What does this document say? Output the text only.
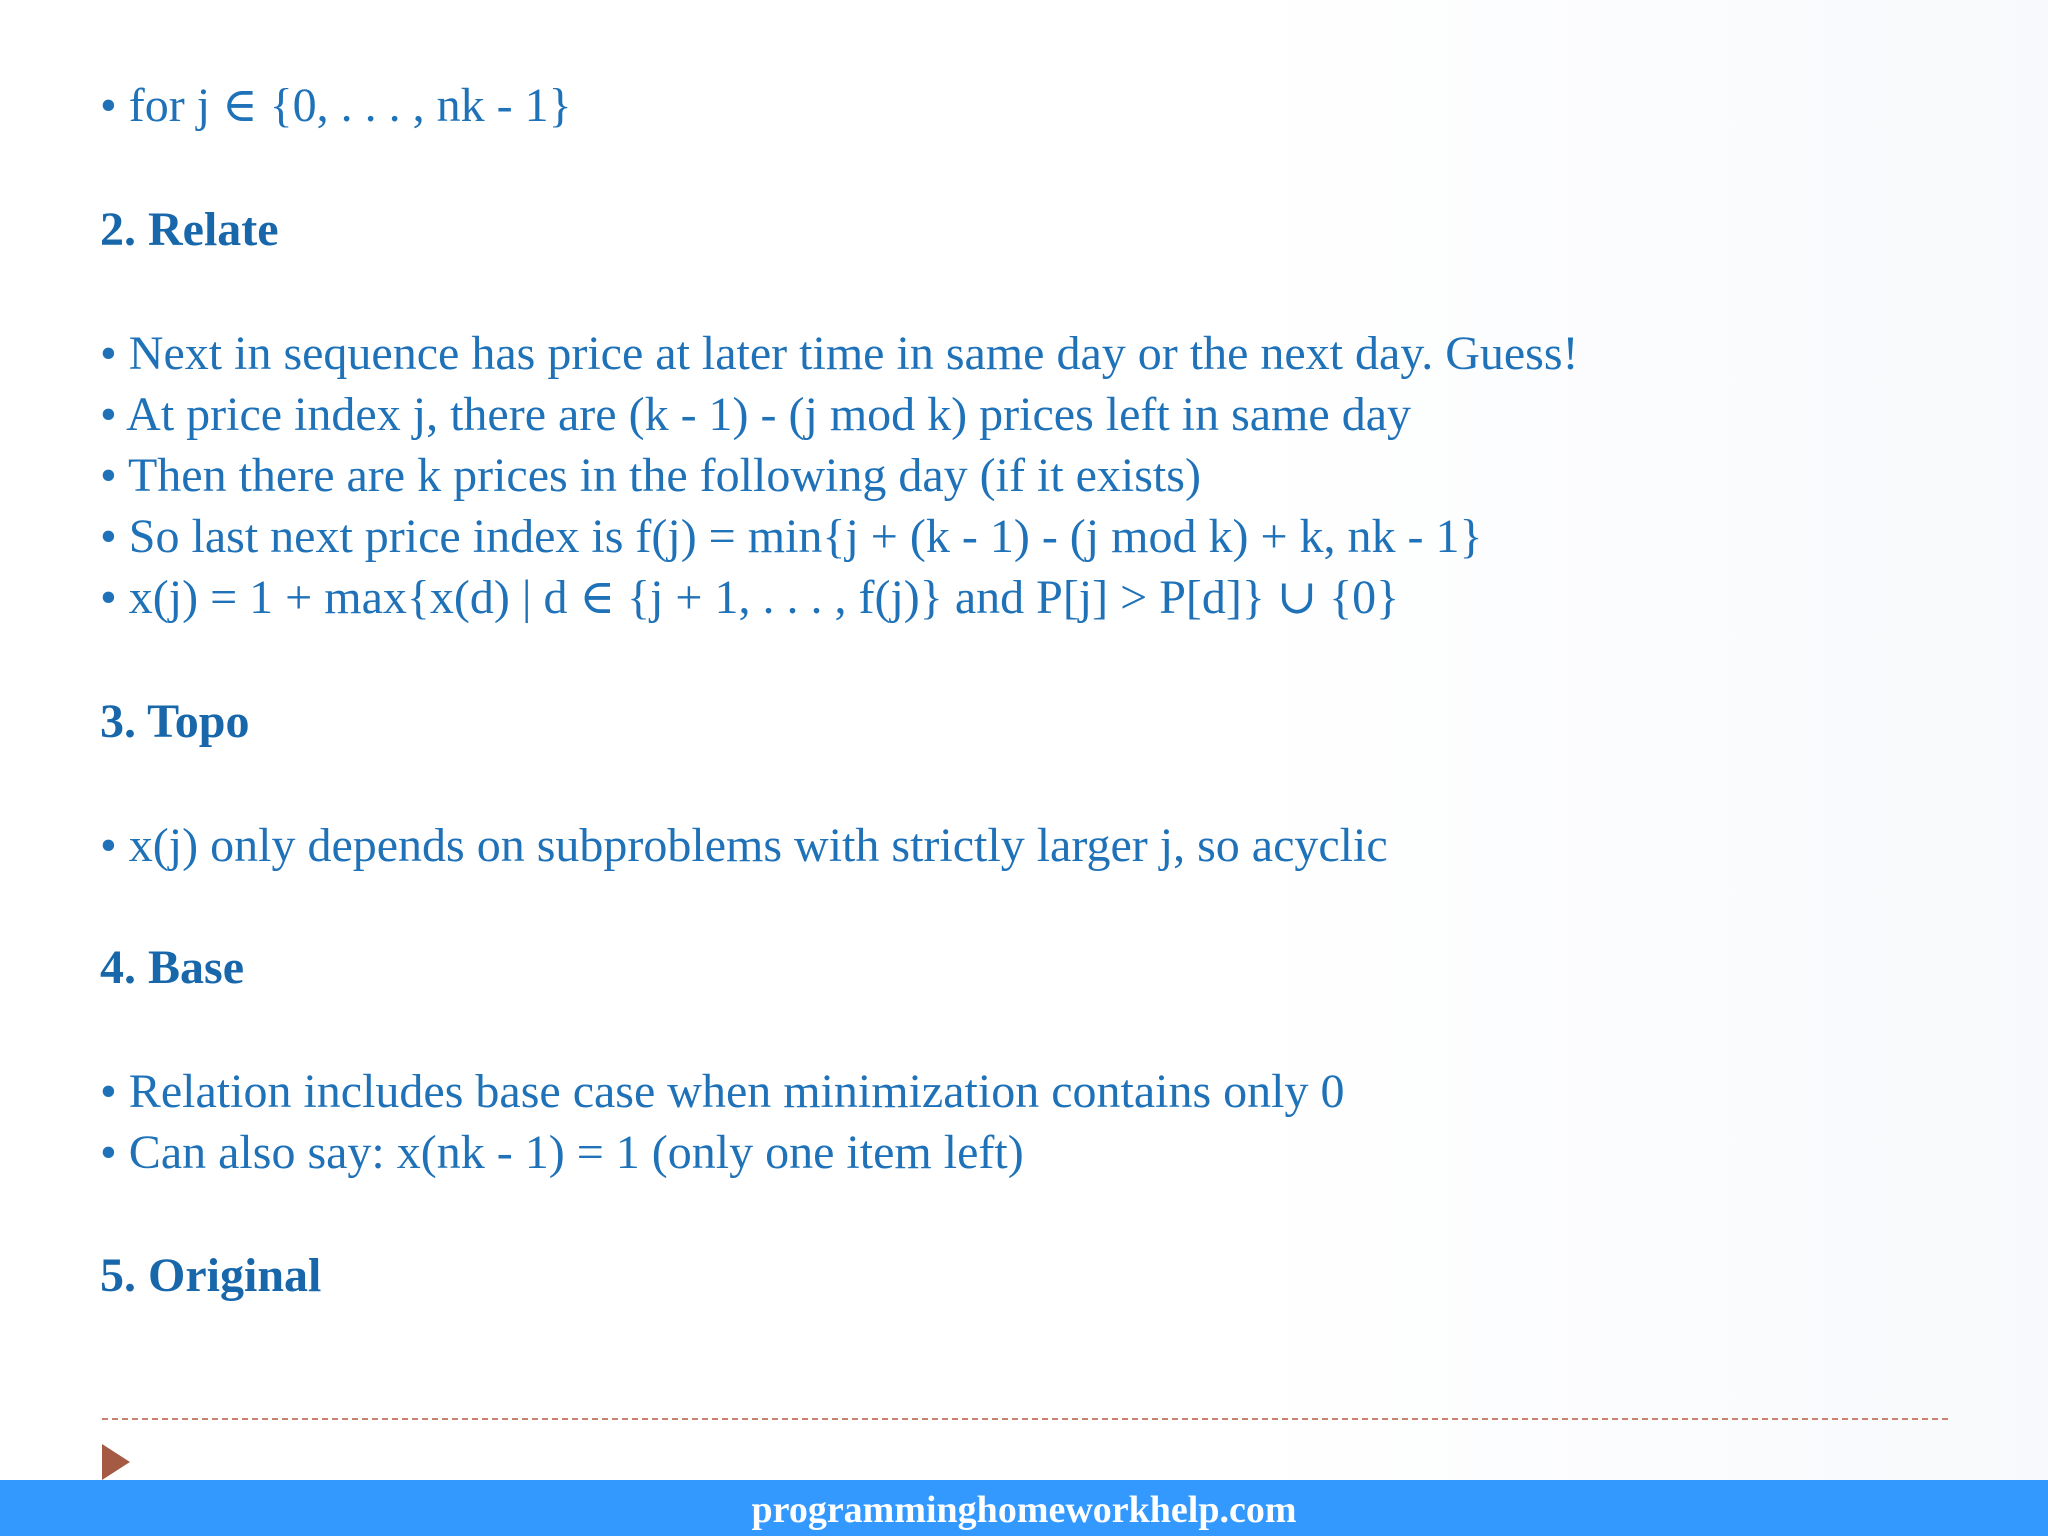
• for j ∈ {0, . . . , nk - 1}
2. Relate
• Next in sequence has price at later time in same day or the next day. Guess!
• At price index j, there are (k - 1) - (j mod k) prices left in same day
• Then there are k prices in the following day (if it exists)
• So last next price index is f(j) = min{j + (k - 1) - (j mod k) + k, nk - 1}
• x(j) = 1 + max{x(d) | d ∈ {j + 1, . . . , f(j)} and P[j] > P[d]} ∪ {0}
3. Topo
• x(j) only depends on subproblems with strictly larger j, so acyclic
4. Base
• Relation includes base case when minimization contains only 0
• Can also say: x(nk - 1) = 1 (only one item left)
5. Original
programminghomeworkhelp.com
